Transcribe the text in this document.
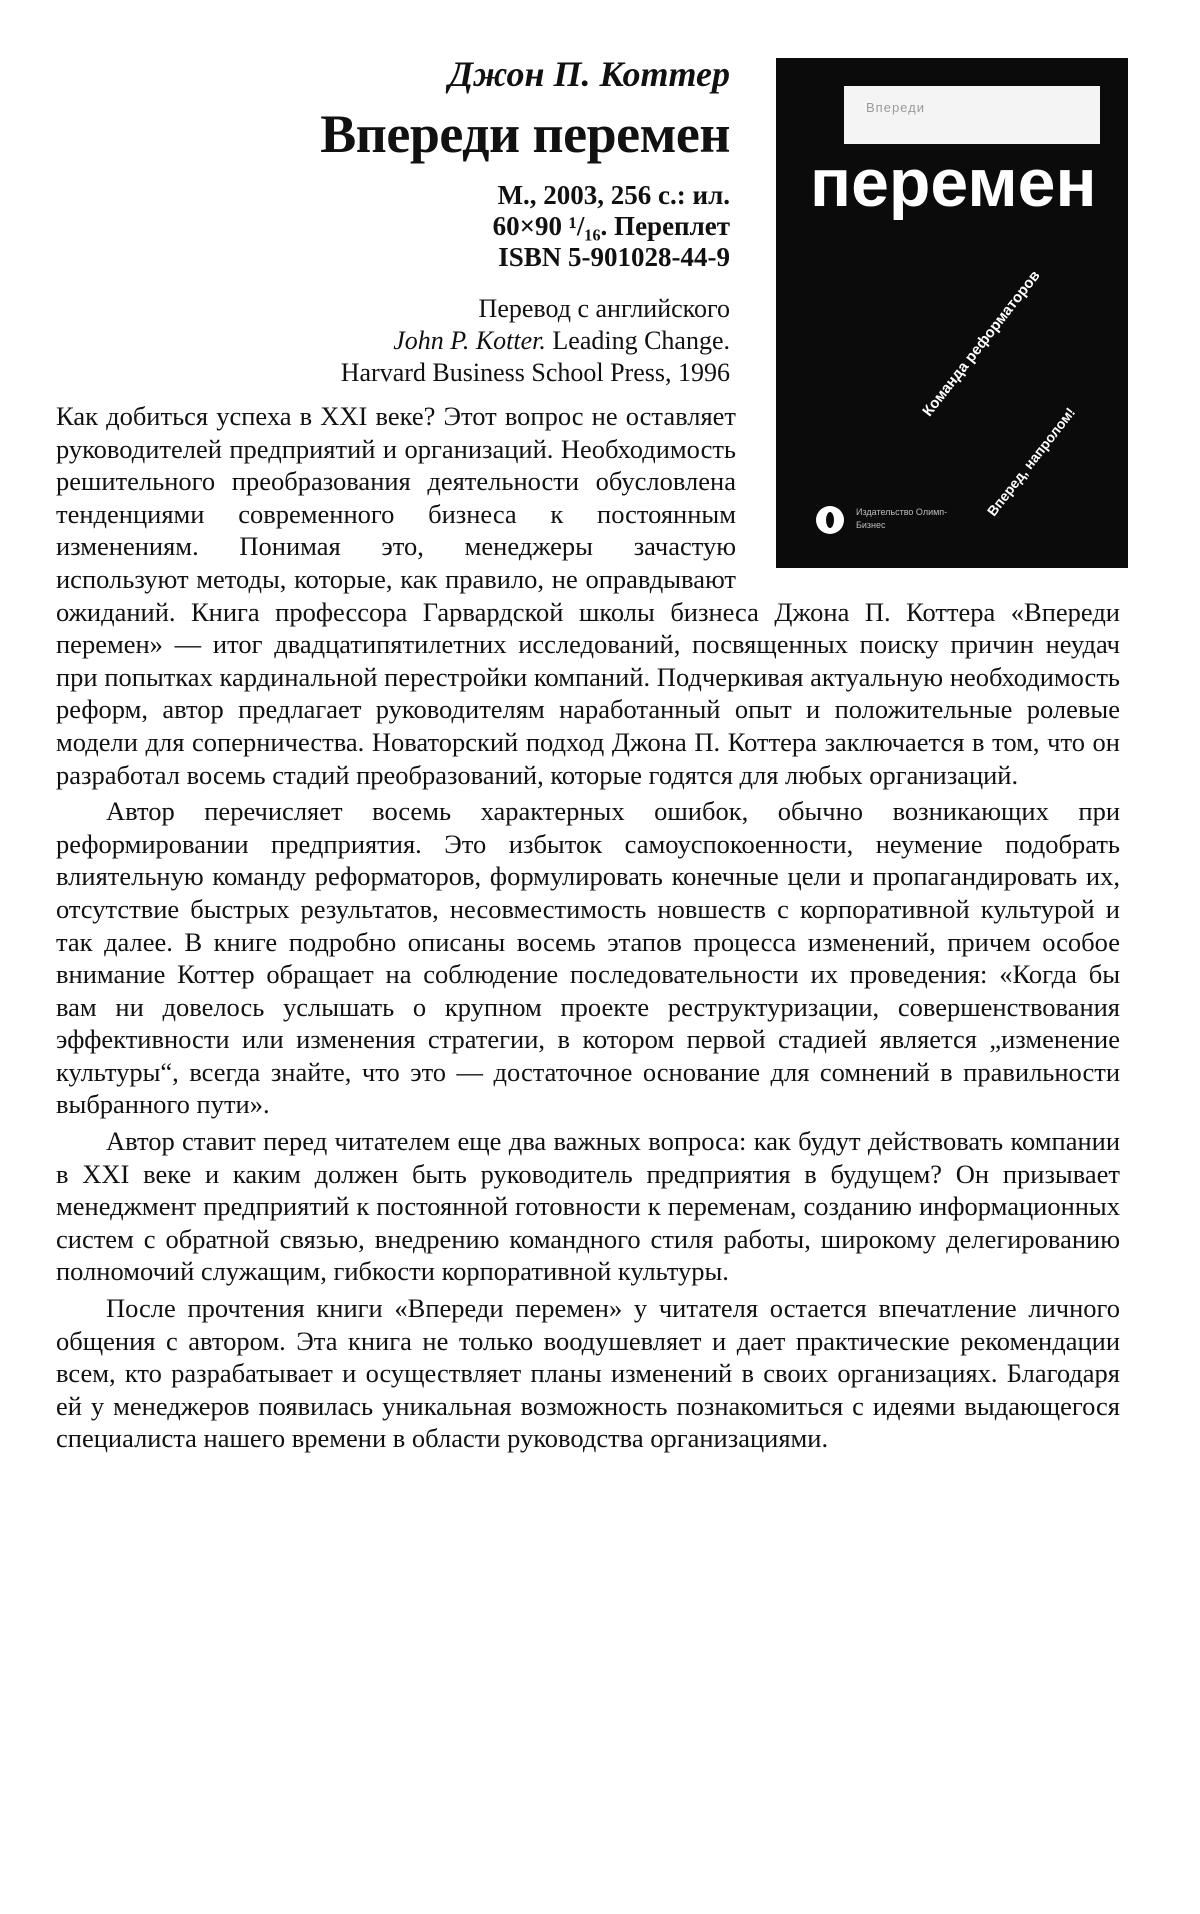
Джон П. Коттер
Впереди перемен
М., 2003, 256 с.: ил.
60×90 ¹/₁₆. Переплет
ISBN 5-901028-44-9
Перевод с английского
John P. Kotter. Leading Change.
Harvard Business School Press, 1996
Впереди
перемен
Команда реформаторов
Вперед, напролом!
Издательство Олимп-Бизнес

Как добиться успеха в XXI веке? Этот вопрос не оставляет руководителей предприятий и организаций. Необходимость решительного преобразования деятельности обусловлена тенденциями современного бизнеса к постоянным изменениям. Понимая это, менеджеры зачастую используют методы, которые, как правило, не оправдывают ожиданий. Книга профессора Гарвардской школы бизнеса Джона П. Коттера «Впереди перемен» — итог двадцатипятилетних исследований, посвященных поиску причин неудач при попытках кардинальной перестройки компаний. Подчеркивая актуальную необходимость реформ, автор предлагает руководителям наработанный опыт и положительные ролевые модели для соперничества. Новаторский подход Джона П. Коттера заключается в том, что он разработал восемь стадий преобразований, которые годятся для любых организаций.

Автор перечисляет восемь характерных ошибок, обычно возникающих при реформировании предприятия. Это избыток самоуспокоенности, неумение подобрать влиятельную команду реформаторов, формулировать конечные цели и пропагандировать их, отсутствие быстрых результатов, несовместимость новшеств с корпоративной культурой и так далее. В книге подробно описаны восемь этапов процесса изменений, причем особое внимание Коттер обращает на соблюдение последовательности их проведения: «Когда бы вам ни довелось услышать о крупном проекте реструктуризации, совершенствования эффективности или изменения стратегии, в котором первой стадией является „изменение культуры“, всегда знайте, что это — достаточное основание для сомнений в правильности выбранного пути».

Автор ставит перед читателем еще два важных вопроса: как будут действовать компании в XXI веке и каким должен быть руководитель предприятия в будущем? Он призывает менеджмент предприятий к постоянной готовности к переменам, созданию информационных систем с обратной связью, внедрению командного стиля работы, широкому делегированию полномочий служащим, гибкости корпоративной культуры.

После прочтения книги «Впереди перемен» у читателя остается впечатление личного общения с автором. Эта книга не только воодушевляет и дает практические рекомендации всем, кто разрабатывает и осуществляет планы изменений в своих организациях. Благодаря ей у менеджеров появилась уникальная возможность познакомиться с идеями выдающегося специалиста нашего времени в области руководства организациями.
